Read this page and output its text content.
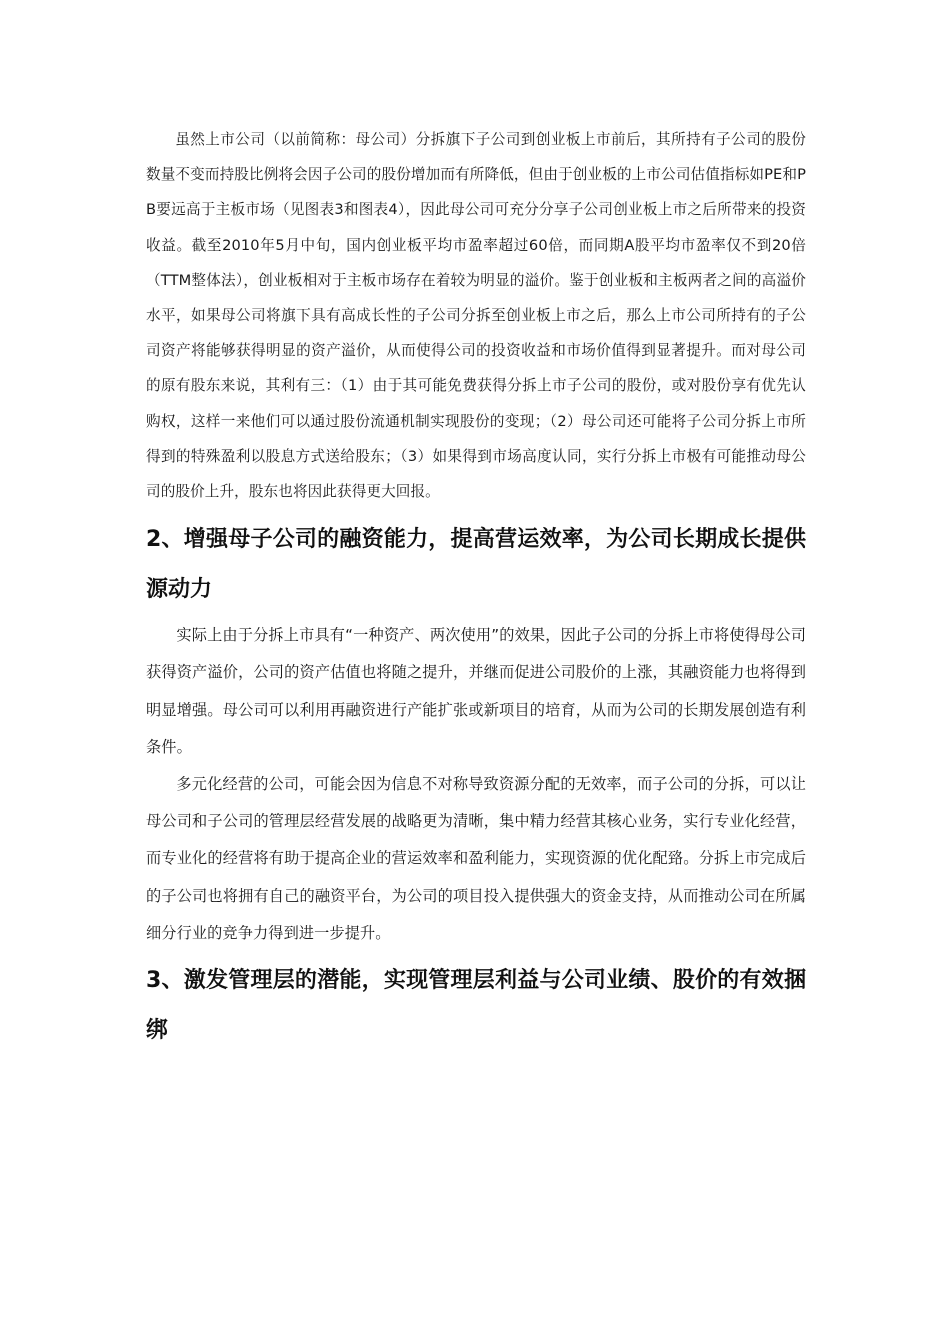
虽然上市公司（以前简称：母公司）分拆旗下子公司到创业板上市前后，其所持有子公司的股份数量不变而持股比例将会因子公司的股份增加而有所降低，但由于创业板的上市公司估值指标如PE和PB要远高于主板市场（见图表3和图表4），因此母公司可充分分享子公司创业板上市之后所带来的投资收益。截至2010年5月中旬，国内创业板平均市盈率超过60倍，而同期A股平均市盈率仅不到20倍（TTM整体法），创业板相对于主板市场存在着较为明显的溢价。鉴于创业板和主板两者之间的高溢价水平，如果母公司将旗下具有高成长性的子公司分拆至创业板上市之后，那么上市公司所持有的子公司资产将能够获得明显的资产溢价，从而使得公司的投资收益和市场价值得到显著提升。而对母公司的原有股东来说，其利有三：（1）由于其可能免费获得分拆上市子公司的股份，或对股份享有优先认购权，这样一来他们可以通过股份流通机制实现股份的变现；（2）母公司还可能将子公司分拆上市所得到的特殊盈利以股息方式送给股东；（3）如果得到市场高度认同，实行分拆上市极有可能推动母公司的股价上升，股东也将因此获得更大回报。

2、增强母子公司的融资能力，提高营运效率，为公司长期成长提供源动力

实际上由于分拆上市具有“一种资产、两次使用”的效果，因此子公司的分拆上市将使得母公司获得资产溢价，公司的资产估值也将随之提升，并继而促进公司股价的上涨，其融资能力也将得到明显增强。母公司可以利用再融资进行产能扩张或新项目的培育，从而为公司的长期发展创造有利条件。

多元化经营的公司，可能会因为信息不对称导致资源分配的无效率，而子公司的分拆，可以让母公司和子公司的管理层经营发展的战略更为清晰，集中精力经营其核心业务，实行专业化经营，而专业化的经营将有助于提高企业的营运效率和盈利能力，实现资源的优化配臵。分拆上市完成后的子公司也将拥有自己的融资平台，为公司的项目投入提供强大的资金支持，从而推动公司在所属细分行业的竞争力得到进一步提升。

3、激发管理层的潜能，实现管理层利益与公司业绩、股价的有效捆绑
